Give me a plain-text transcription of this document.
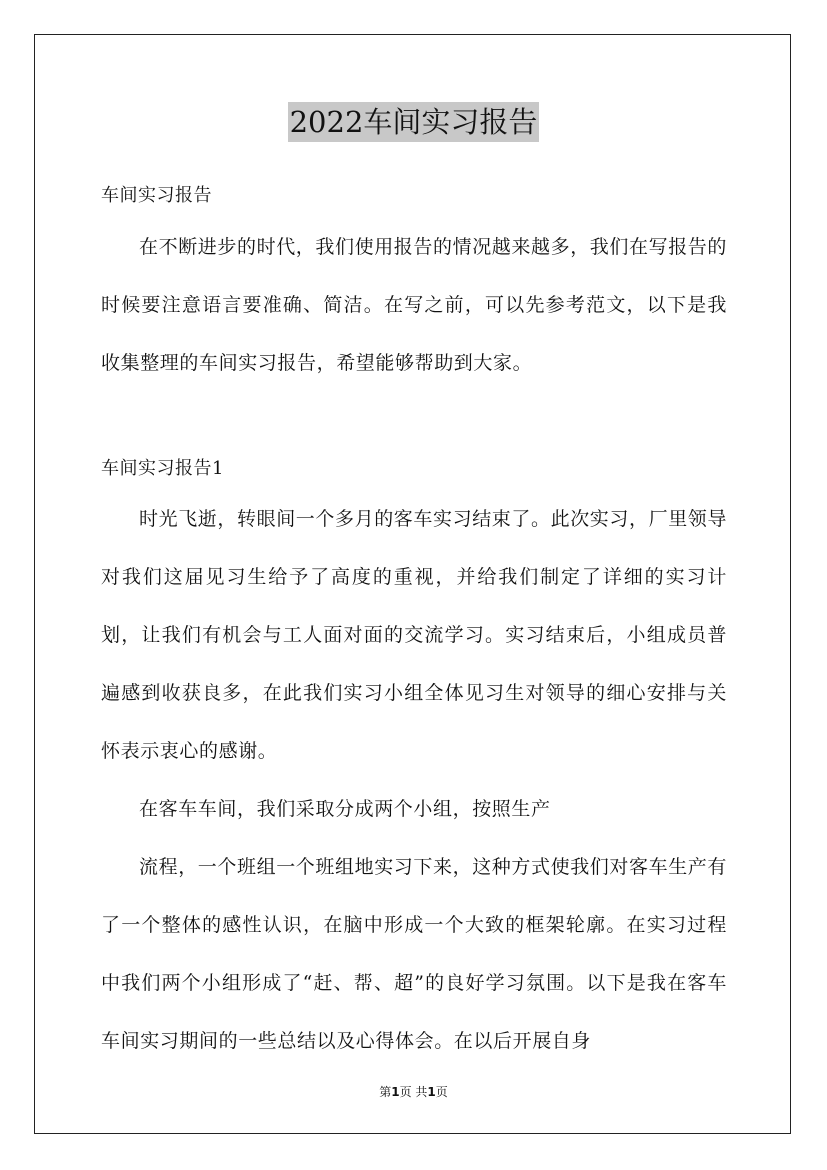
2022车间实习报告
车间实习报告

在不断进步的时代，我们使用报告的情况越来越多，我们在写报告的时候要注意语言要准确、简洁。在写之前，可以先参考范文，以下是我收集整理的车间实习报告，希望能够帮助到大家。

车间实习报告1

时光飞逝，转眼间一个多月的客车实习结束了。此次实习，厂里领导对我们这届见习生给予了高度的重视，并给我们制定了详细的实习计划，让我们有机会与工人面对面的交流学习。实习结束后，小组成员普遍感到收获良多，在此我们实习小组全体见习生对领导的细心安排与关怀表示衷心的感谢。

在客车车间，我们采取分成两个小组，按照生产

流程，一个班组一个班组地实习下来，这种方式使我们对客车生产有了一个整体的感性认识，在脑中形成一个大致的框架轮廓。在实习过程中我们两个小组形成了“赶、帮、超”的良好学习氛围。以下是我在客车车间实习期间的一些总结以及心得体会。在以后开展自身

第1页 共1页
